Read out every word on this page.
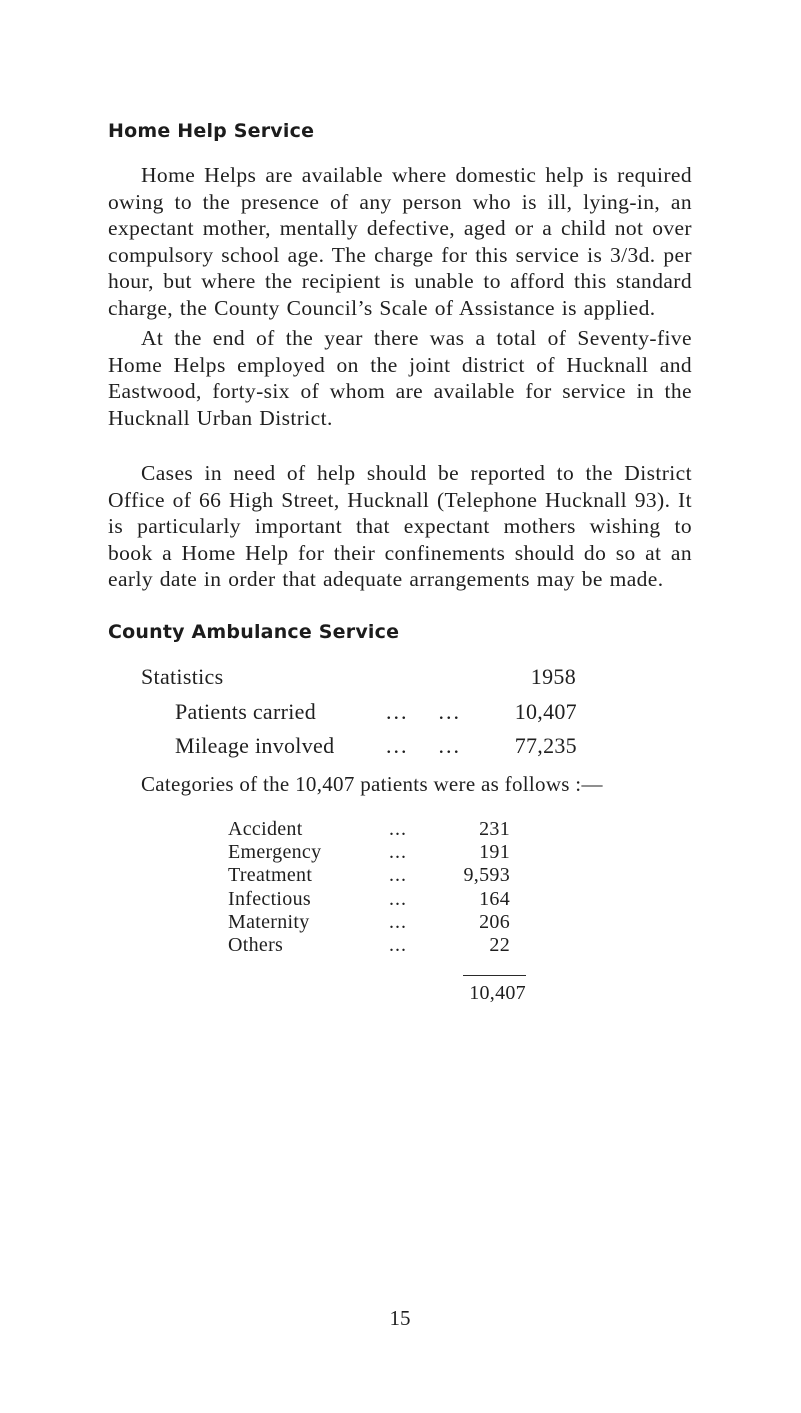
Home Help Service

Home Helps are available where domestic help is required owing to the presence of any person who is ill, lying-in, an expectant mother, mentally defective, aged or a child not over compulsory school age. The charge for this service is 3/3d. per hour, but where the recipient is unable to afford this standard charge, the County Council’s Scale of Assistance is applied.

At the end of the year there was a total of Seventy-five Home Helps employed on the joint district of Hucknall and Eastwood, forty-six of whom are available for service in the Hucknall Urban District.

Cases in need of help should be reported to the District Office of 66 High Street, Hucknall (Telephone Hucknall 93). It is particularly important that expectant mothers wishing to book a Home Help for their confinements should do so at an early date in order that adequate arrangements may be made.

County Ambulance Service
Statistics	1958
Patients carried	...    ... 10,407
Mileage involved ...    ... 77,235
Categories of the 10,407 patients were as follows :—
Accident	...	231
Emergency	...	191
Treatment	...	9,593
Infectious	...	164
Maternity	...	206
Others	...	22
10,407
15
